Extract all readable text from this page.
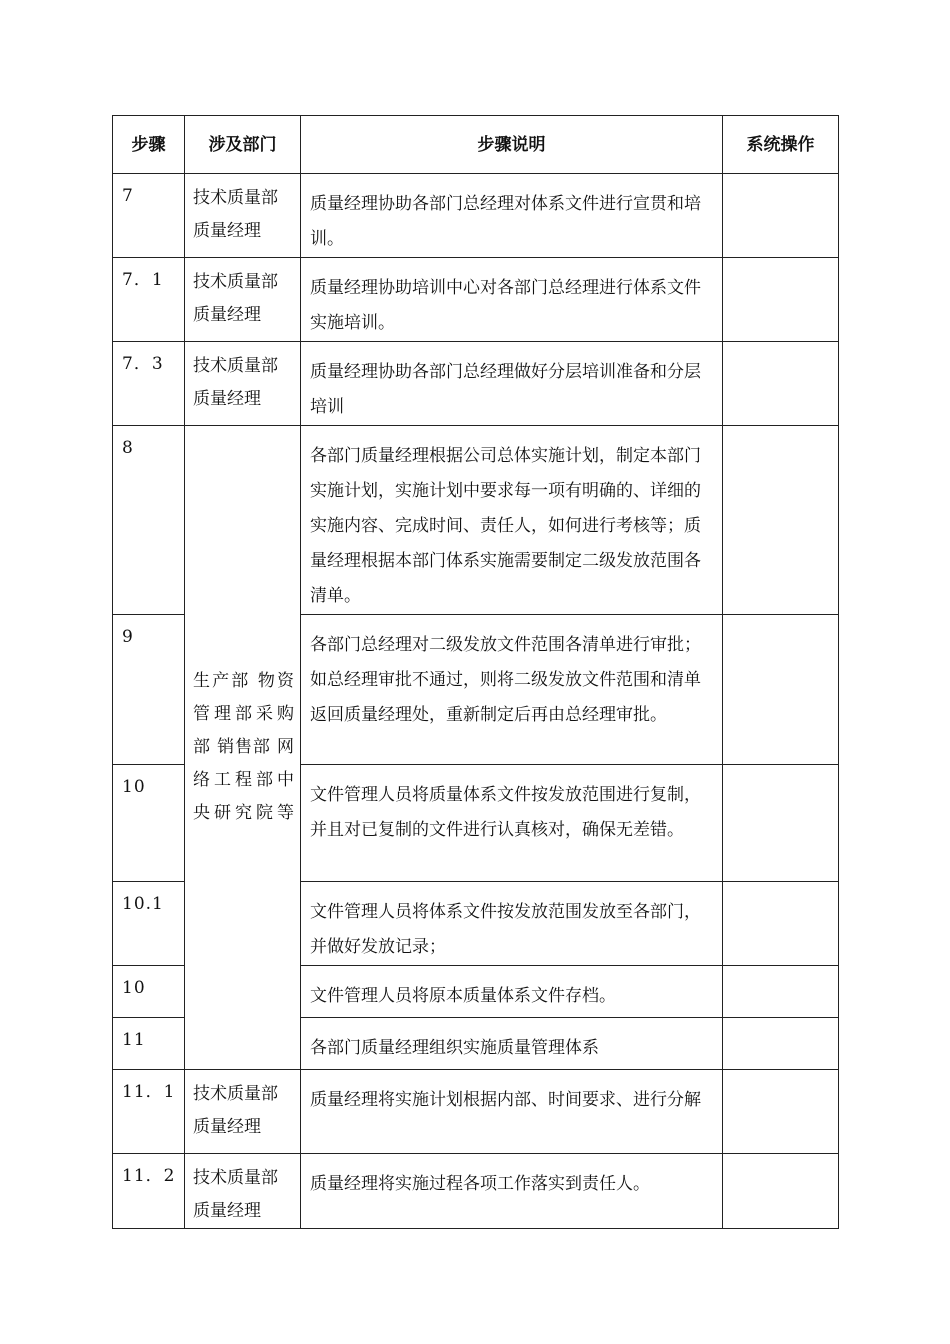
步骤	涉及部门	步骤说明	系统操作
7	技术质量部质量经理	质量经理协助各部门总经理对体系文件进行宣贯和培训。	
7．1	技术质量部质量经理	质量经理协助培训中心对各部门总经理进行体系文件实施培训。	
7．3	技术质量部质量经理	质量经理协助各部门总经理做好分层培训准备和分层培训	
8	生产部 物资管理部采购部 销售部 网络工程部中央研究院等	各部门质量经理根据公司总体实施计划，制定本部门实施计划，实施计划中要求每一项有明确的、详细的实施内容、完成时间、责任人，如何进行考核等；质量经理根据本部门体系实施需要制定二级发放范围各清单。	
9		各部门总经理对二级发放文件范围各清单进行审批；如总经理审批不通过，则将二级发放文件范围和清单返回质量经理处，重新制定后再由总经理审批。	
10		文件管理人员将质量体系文件按发放范围进行复制，并且对已复制的文件进行认真核对，确保无差错。	
10.1		文件管理人员将体系文件按发放范围发放至各部门，并做好发放记录；	
10		文件管理人员将原本质量体系文件存档。	
11		各部门质量经理组织实施质量管理体系	
11．1	技术质量部质量经理	质量经理将实施计划根据内部、时间要求、进行分解	
11．2	技术质量部质量经理	质量经理将实施过程各项工作落实到责任人。	
